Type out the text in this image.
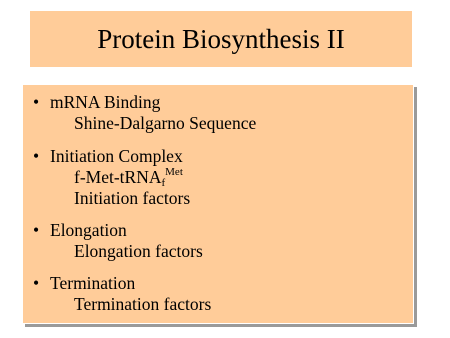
Protein Biosynthesis II
• mRNA Binding
Shine-Dalgarno Sequence
• Initiation Complex
f-Met-tRNA$_f^{Met}$
Initiation factors
• Elongation
Elongation factors
• Termination
Termination factors
